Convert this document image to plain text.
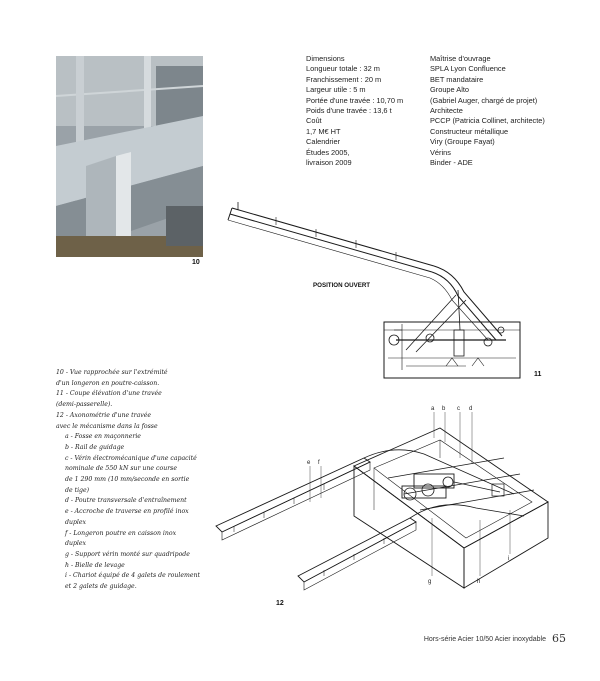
10
Dimensions
Longueur totale : 32 m
Franchissement : 20 m
Largeur utile : 5 m
Portée d'une travée : 10,70 m
Poids d'une travée : 13,6 t
Coût
1,7 M€ HT
Calendrier
Études 2005,
livraison 2009
Maîtrise d'ouvrage
SPLA Lyon Confluence
BET mandataire
Groupe Alto
(Gabriel Auger, chargé de projet)
Architecte
PCCP (Patricia Collinet, architecte)
Constructeur métallique
Viry (Groupe Fayat)
Vérins
Binder - ADE
POSITION OUVERT
11
10 - Vue rapprochée sur l'extrémité
d'un longeron en poutre-caisson.
11 - Coupe élévation d'une travée
(demi-passerelle).
12 - Axonométrie d'une travée
avec le mécanisme dans la fosse
a - Fosse en maçonnerie
b - Rail de guidage
c - Vérin électromécanique d'une capacité
nominale de 550 kN sur une course
de 1 290 mm (10 mm/seconde en sortie
de tige)
d - Poutre transversale d'entraînement
e - Accroche de traverse en profilé inox
duplex
f - Longeron poutre en caisson inox
duplex
g - Support vérin monté sur quadripode
h - Bielle de levage
i - Chariot équipé de 4 galets de roulement
et 2 galets de guidage.
a b c d
e f
g	h
i
12
Hors-série Acier 10/50 Acier inoxydable 65
